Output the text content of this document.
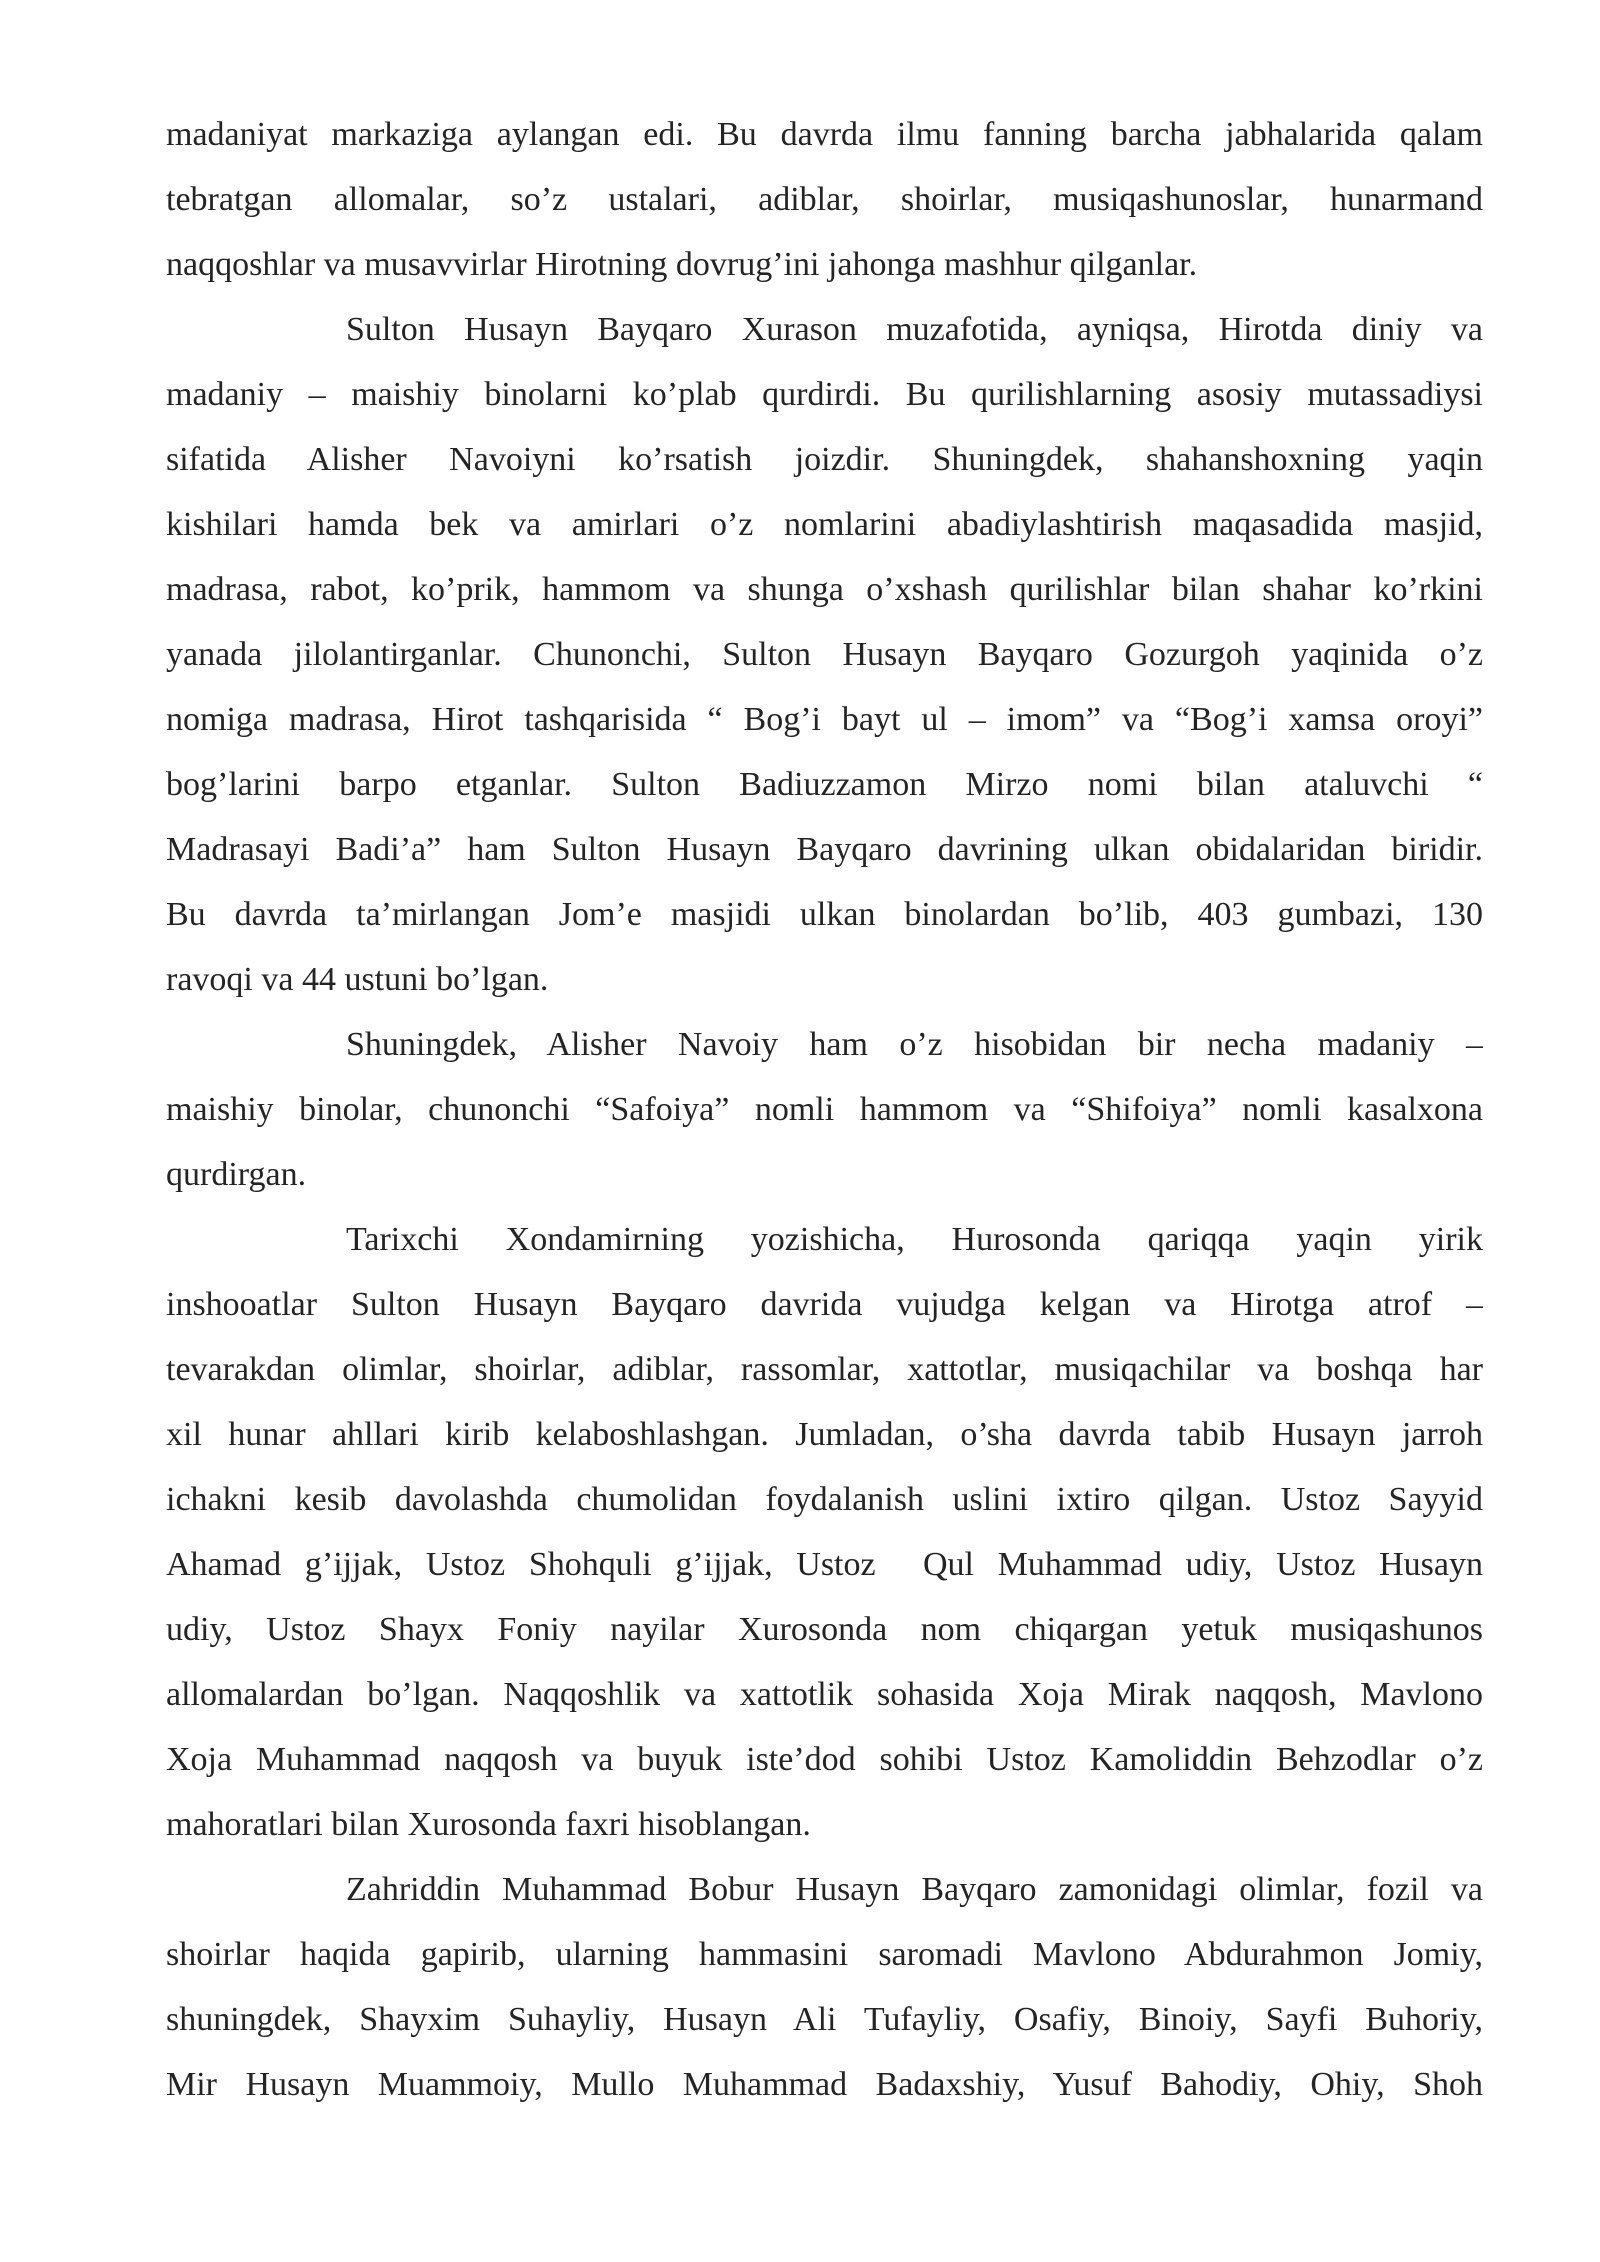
madaniyat markaziga aylangan edi. Bu davrda ilmu fanning barcha jabhalarida qalam
tebratgan allomalar, so’z ustalari, adiblar, shoirlar, musiqashunoslar, hunarmand
naqqoshlar va musavvirlar Hirotning dovrug’ini jahonga mashhur qilganlar.
Sulton Husayn Bayqaro Xurason muzafotida, ayniqsa, Hirotda diniy va
madaniy – maishiy binolarni ko’plab qurdirdi. Bu qurilishlarning asosiy mutassadiysi
sifatida Alisher Navoiyni ko’rsatish joizdir. Shuningdek, shahanshoxning yaqin
kishilari hamda bek va amirlari o’z nomlarini abadiylashtirish maqasadida masjid,
madrasa, rabot, ko’prik, hammom va shunga o’xshash qurilishlar bilan shahar ko’rkini
yanada jilolantirganlar. Chunonchi, Sulton Husayn Bayqaro Gozurgoh yaqinida o’z
nomiga madrasa, Hirot tashqarisida “ Bog’i bayt ul – imom” va “Bog’i xamsa oroyi”
bog’larini barpo etganlar. Sulton Badiuzzamon Mirzo nomi bilan ataluvchi “
Madrasayi Badi’a” ham Sulton Husayn Bayqaro davrining ulkan obidalaridan biridir.
Bu davrda ta’mirlangan Jom’e masjidi ulkan binolardan bo’lib, 403 gumbazi, 130
ravoqi va 44 ustuni bo’lgan.
Shuningdek, Alisher Navoiy ham o’z hisobidan bir necha madaniy –
maishiy binolar, chunonchi “Safoiya” nomli hammom va “Shifoiya” nomli kasalxona
qurdirgan.
Tarixchi Xondamirning yozishicha, Hurosonda qariqqa yaqin yirik
inshooatlar Sulton Husayn Bayqaro davrida vujudga kelgan va Hirotga atrof –
tevarakdan olimlar, shoirlar, adiblar, rassomlar, xattotlar, musiqachilar va boshqa har
xil hunar ahllari kirib kelaboshlashgan. Jumladan, o’sha davrda tabib Husayn jarroh
ichakni kesib davolashda chumolidan foydalanish uslini ixtiro qilgan. Ustoz Sayyid
Ahamad g’ijjak, Ustoz Shohquli g’ijjak, Ustoz  Qul Muhammad udiy, Ustoz Husayn
udiy, Ustoz Shayx Foniy nayilar Xurosonda nom chiqargan yetuk musiqashunos
allomalardan bo’lgan. Naqqoshlik va xattotlik sohasida Xoja Mirak naqqosh, Mavlono
Xoja Muhammad naqqosh va buyuk iste’dod sohibi Ustoz Kamoliddin Behzodlar o’z
mahoratlari bilan Xurosonda faxri hisoblangan.
Zahriddin Muhammad Bobur Husayn Bayqaro zamonidagi olimlar, fozil va
shoirlar haqida gapirib, ularning hammasini saromadi Mavlono Abdurahmon Jomiy,
shuningdek, Shayxim Suhayliy, Husayn Ali Tufayliy, Osafiy, Binoiy, Sayfi Buhoriy,
Mir Husayn Muammoiy, Mullo Muhammad Badaxshiy, Yusuf Bahodiy, Ohiy, Shoh
